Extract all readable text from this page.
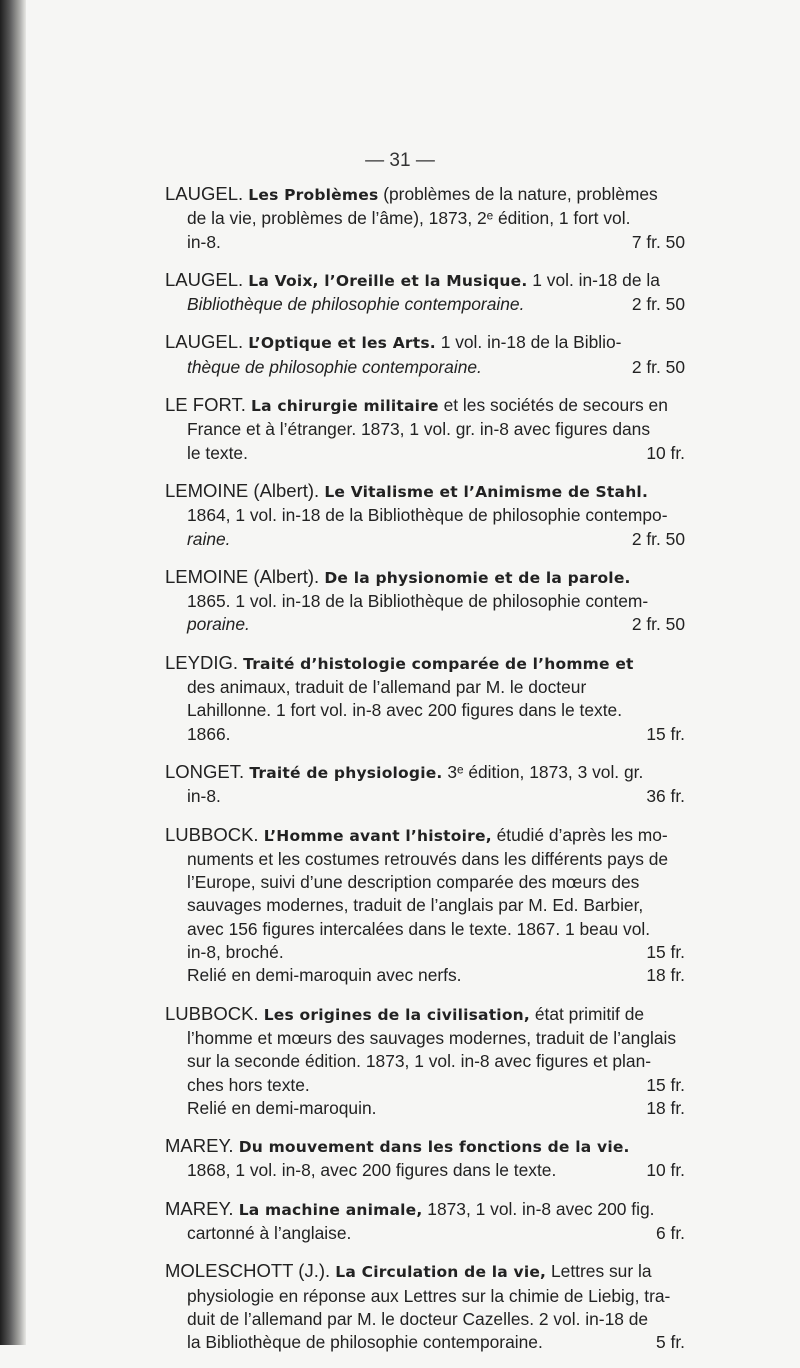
— 31 —
LAUGEL. Les Problèmes (problèmes de la nature, problèmes
de la vie, problèmes de l’âme), 1873, 2ᵉ édition, 1 fort vol.
in-8.	7 fr. 50
LAUGEL. La Voix, l’Oreille et la Musique. 1 vol. in-18 de la
Bibliothèque de philosophie contemporaine.	2 fr. 50
LAUGEL. L’Optique et les Arts. 1 vol. in-18 de la Biblio-
thèque de philosophie contemporaine.	2 fr. 50
LE FORT. La chirurgie militaire et les sociétés de secours en
France et à l’étranger. 1873, 1 vol. gr. in-8 avec figures dans
le texte.	10 fr.
LEMOINE (Albert). Le Vitalisme et l’Animisme de Stahl.
1864, 1 vol. in-18 de la Bibliothèque de philosophie contempo-
raine.	2 fr. 50
LEMOINE (Albert). De la physionomie et de la parole.
1865. 1 vol. in-18 de la Bibliothèque de philosophie contem-
poraine.	2 fr. 50
LEYDIG. Traité d’histologie comparée de l’homme et
des animaux, traduit de l’allemand par M. le docteur
Lahillonne. 1 fort vol. in-8 avec 200 figures dans le texte.
1866.	15 fr.
LONGET. Traité de physiologie. 3ᵉ édition, 1873, 3 vol. gr.
in-8.	36 fr.
LUBBOCK. L’Homme avant l’histoire, étudié d’après les mo-
numents et les costumes retrouvés dans les différents pays de
l’Europe, suivi d’une description comparée des mœurs des
sauvages modernes, traduit de l’anglais par M. Ed. Barbier,
avec 156 figures intercalées dans le texte. 1867. 1 beau vol.
in-8, broché.	15 fr.
Relié en demi-maroquin avec nerfs.	18 fr.
LUBBOCK. Les origines de la civilisation, état primitif de
l’homme et mœurs des sauvages modernes, traduit de l’anglais
sur la seconde édition. 1873, 1 vol. in-8 avec figures et plan-
ches hors texte.	15 fr.
Relié en demi-maroquin.	18 fr.
MAREY. Du mouvement dans les fonctions de la vie.
1868, 1 vol. in-8, avec 200 figures dans le texte.	10 fr.
MAREY. La machine animale, 1873, 1 vol. in-8 avec 200 fig.
cartonné à l’anglaise.	6 fr.
MOLESCHOTT (J.). La Circulation de la vie, Lettres sur la
physiologie en réponse aux Lettres sur la chimie de Liebig, tra-
duit de l’allemand par M. le docteur Cazelles. 2 vol. in-18 de
la Bibliothèque de philosophie contemporaine.	5 fr.
